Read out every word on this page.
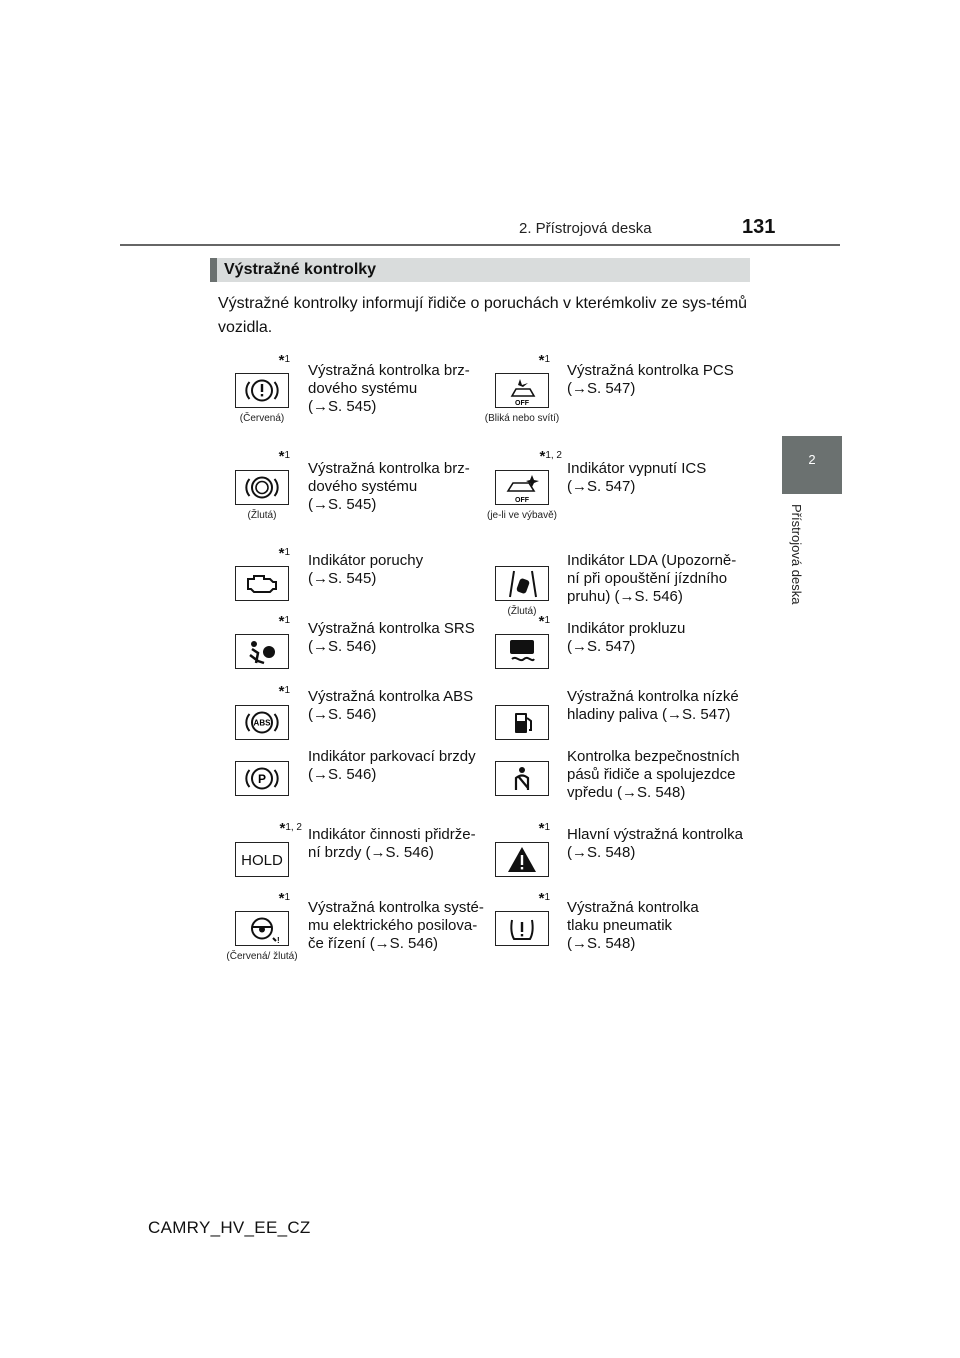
2. Přístrojová deska	131
2
Přístrojová deska
Výstražné kontrolky
Výstražné kontrolky informují řidiče o poruchách v kterémkoliv ze sys-témů vozidla.
*$^1$
(Červená)
Výstražná kontrolka brz-
dového systému
(→S. 545)
*$^1$
OFF
(Bliká nebo svítí)
Výstražná kontrolka PCS
(→S. 547)
*$^1$
(Žlutá)
Výstražná kontrolka brz-
dového systému
(→S. 545)
*$^{1, 2}$
OFF
(je-li ve výbavě)
Indikátor vypnutí ICS
(→S. 547)
*$^1$ Indikátor poruchy
(→S. 545)
(Žlutá)
Indikátor LDA (Upozorně-
ní při opouštění jízdního
pruhu) (→S. 546)
*$^1$ Výstražná kontrolka SRS
(→S. 546)
*$^1$ Indikátor prokluzu
(→S. 547)
*$^1$
ABS
Výstražná kontrolka ABS
(→S. 546)
Výstražná kontrolka nízké
hladiny paliva (→S. 547)
P
Indikátor parkovací brzdy
(→S. 546)
Kontrolka bezpečnostních
pásů řidiče a spolujezdce
vpředu (→S. 548)
*$^{1, 2}$
HOLD
Indikátor činnosti přidrže-
ní brzdy (→S. 546)
*$^1$ Hlavní výstražná kontrolka
(→S. 548)
*$^1$
!
(Červená/ žlutá)
Výstražná kontrolka systé-
mu elektrického posilova-
če řízení (→S. 546)
*$^1$
Výstražná kontrolka
tlaku pneumatik
(→S. 548)
CAMRY_HV_EE_CZ
